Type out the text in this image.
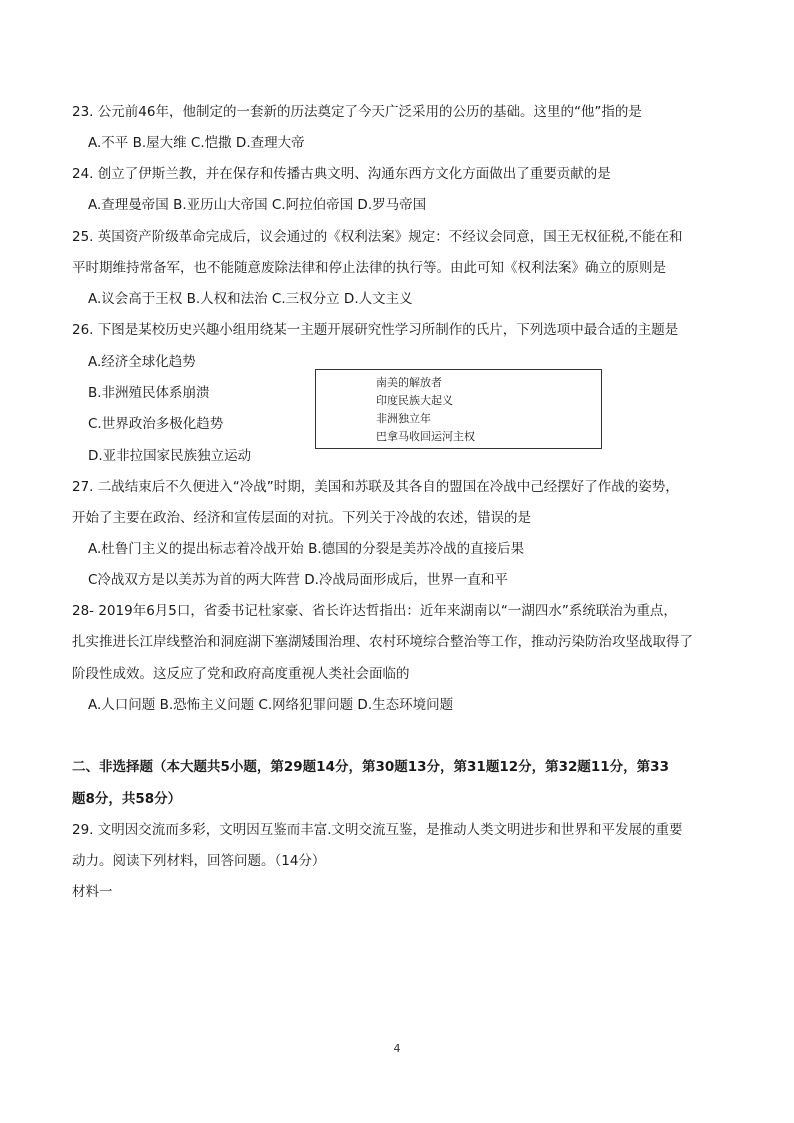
23. 公元前46年，他制定的一套新的历法奠定了今天广泛采用的公历的基础。这里的“他”指的是
A.不平 B.屋大维 C.恺撒 D.查理大帝
24. 创立了伊斯兰教，并在保存和传播古典文明、沟通东西方文化方面做出了重要贡献的是
A.查理曼帝国 B.亚历山大帝国 C.阿拉伯帝国 D.罗马帝国
25. 英国资产阶级革命完成后，议会通过的《权利法案》规定：不经议会同意，国王无权征税,不能在和
平时期维持常备军，也不能随意废除法律和停止法律的执行等。由此可知《权利法案》确立的原则是
A.议会高于王权 B.人权和法治 C.三权分立 D.人文主义
26. 下图是某校历史兴趣小组用绕某一主题开展研究性学习所制作的氏片，下列选项中最合适的主题是
A.经济全球化趋势
B.非洲殖民体系崩溃
C.世界政治多极化趋势
D.亚非拉国家民族独立运动
南美的解放者
印度民族大起义
非洲独立年
巴拿马收回运河主权
27. 二战结束后不久便进入“冷战”时期，美国和苏联及其各自的盟国在冷战中己经摆好了作战的姿势，
开始了主要在政治、经济和宣传层面的对抗。下列关于冷战的农述，错误的是
A.杜鲁门主义的提出标志着冷战开始 B.德国的分裂是美苏冷战的直接后果
C冷战双方是以美苏为首的两大阵营 D.冷战局面形成后，世界一直和平
28- 2019年6月5口，省委书记杜家豪、省长许达哲指出：近年来湖南以“一湖四水”系统联治为重点，
扎实推进长江岸线整治和洞庭湖下塞湖矮围治理、农村环境综合整治等工作，推动污染防治攻坚战取得了
阶段性成效。这反应了党和政府高度重视人类社会面临的
A.人口问题 B.恐怖主义问题 C.网络犯罪问题 D.生态环境问题
二、非选择题（本大题共5小题，第29题14分，第30题13分，第31题12分，第32题11分，第33
题8分，共58分）
29. 文明因交流而多彩，文明因互鉴而丰富.文明交流互鉴，是推动人类文明进步和世界和平发展的重要
动力。阅读下列材料，回答问题。（14分）
材料一
4
